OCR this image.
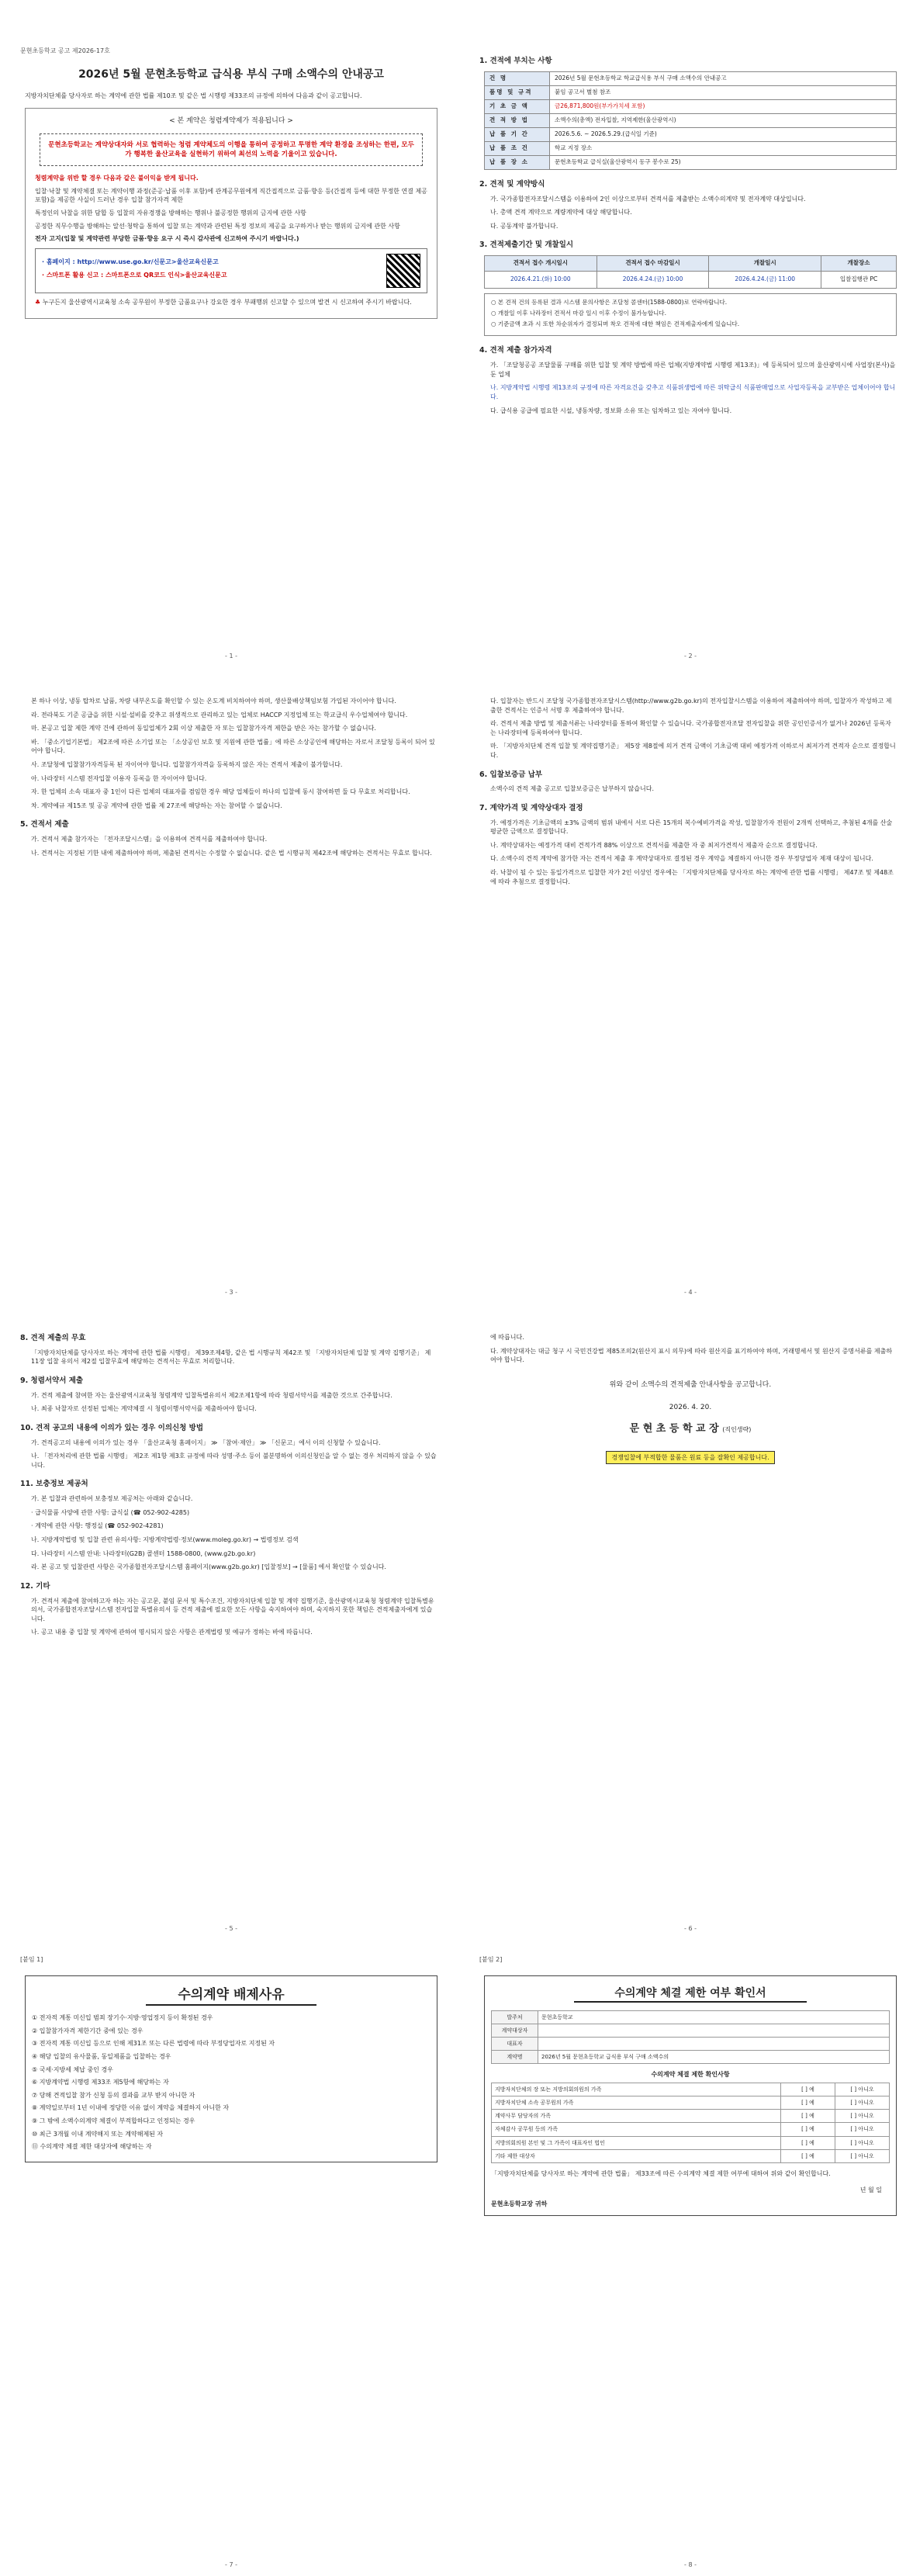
문현초등학교 공고 제2026-17호
2026년 5월 문현초등학교 급식용 부식 구매 소액수의 안내공고
지방자치단체를 당사자로 하는 계약에 관한 법률 제10조 및 같은 법 시행령 제33조의 규정에 의하여 다음과 같이 공고합니다.
< 본 계약은 청렴계약제가 적용됩니다 >
문현초등학교는 계약상대자와 서로 협력하는 청렴 계약체도의 이행을 통하여 공정하고 투명한 계약 환경을 조성하는 한편, 모두가 행복한 울산교육을 실현하기 위하여 최선의 노력을 기울이고 있습니다.
청렴계약을 위반 할 경우 다음과 같은 불이익을 받게 됩니다.
입찰·낙찰 및 계약체결 또는 계약이행 과정(준공·납품 이후 포함)에 관계공무원에게 직간접적으로 금품·향응 등(간접적 등에 대한 부정한 연결 제공 포함)을 제공한 사실이 드러난 경우 입찰 참가자격 제한
특정인의 낙찰을 위한 담합 등 입찰의 자유경쟁을 방해하는 행위나 불공정한 행위의 금지에 관한 사항
공정한 직무수행을 방해하는 알선·청탁을 통하여 입찰 또는 계약과 관련된 특정 정보의 제공을 요구하거나 받는 행위의 금지에 관한 사항
전자 고지(입찰 및 계약관련 부당한 금품·향응 요구 시 즉시 감사관에 신고하여 주시기 바랍니다.)
· 홈페이지 : http://www.use.go.kr/신문고>울산교육신문고
· 스마트폰 활용 신고 : 스마트폰으로 QR코드 인식>울산교육신문고
♣ 누구든지 울산광역시교육청 소속 공무원이 부정한 금품요구나 강요한 경우 부패행위 신고할 수 있으며 발견 시 신고하여 주시기 바랍니다.
- 1 -
1. 견적에 부치는 사항
건 명	2026년 5월 문현초등학교 학교급식용 부식 구매 소액수의 안내공고
품명 및 규격	붙임 공고서 별첨 참조
기 초 금 액	금26,871,800원(부가가치세 포함)
견 적 방 법	소액수의(총액) 전자입찰, 지역제한(울산광역시)
납 품 기 간	2026.5.6. ~ 2026.5.29.(급식일 기준)
납 품 조 건	학교 지정 장소
납 품 장 소	문현초등학교 급식실(울산광역시 동구 봉수로 25)
2. 견적 및 계약방식
가. 국가종합전자조달시스템을 이용하여 2인 이상으로부터 견적서를 제출받는 소액수의계약 및 전자계약 대상입니다.
나. 총액 견적 계약으로 계량계약에 대상 해당합니다.
다. 공동계약 불가합니다.
3. 견적제출기간 및 개찰일시
견적서 접수 개시일시	견적서 접수 마감일시	개찰일시	개찰장소
2026.4.21.(화) 10:00	2026.4.24.(금) 10:00	2026.4.24.(금) 11:00	입찰집행관 PC
○ 본 견적 건의 등록된 결과 시스템 문의사항은 조달청 콜센터(1588-0800)로 연락바랍니다.
○ 개찰일 이후 나라장터 견적서 마감 일시 이후 수정이 불가능합니다.
○ 기준금액 초과 시 또한 차순위자가 결정되며 착오 견적에 대한 책임은 견적제출자에게 있습니다.
4. 견적 제출 참가자격
가. 「조달청공공 조달물품 구매를 위한 입찰 및 계약 방법에 따른 업체(지방계약법 시행령 제13조)」에 등록되어 있으며 울산광역시에 사업장(본사)을 둔 업체
나. 지방계약법 시행령 제13조의 규정에 따른 자격요건을 갖추고 식품위생법에 따른 위탁급식 식품판매업으로 사업자등록을 교부받은 업체이어야 합니다.
다. 급식용 공급에 필요한 시설, 냉동차량, 정보화 소유 또는 임차하고 있는 자여야 합니다.
- 2 -
본 하나 이상, 냉동 탑차로 납품, 차량 내부온도를 확인할 수 있는 온도계 비치하여야 하며, 생산물배상책임보험 가입된 자이어야 합니다.
라. 전라북도 기준 공급을 위한 시설·설비를 갖추고 위생적으로 관리하고 있는 업체로 HACCP 지정업체 또는 학교급식 우수업체여야 합니다.
마. 본공고 입찰 제한 계약 건에 관하여 동일업체가 2회 이상 제출한 자 또는 입찰참가자격 제한을 받은 자는 참가할 수 없습니다.
바. 「중소기업기본법」 제2조에 따른 소기업 또는 「소상공인 보호 및 지원에 관한 법률」에 따른 소상공인에 해당하는 자로서 조달청 등록이 되어 있어야 합니다.
사. 조달청에 입찰참가자격등록 된 자이어야 합니다. 입찰참가자격을 등록하지 않은 자는 견적서 제출이 불가합니다.
아. 나라장터 시스템 전자입찰 이용자 등록을 한 자이어야 합니다.
자. 한 업체의 소속 대표자 중 1인이 다른 업체의 대표자를 겸임한 경우 해당 업체들이 하나의 입찰에 동시 참여하면 둘 다 무효로 처리합니다.
차. 계약예규 제15조 및 공공 계약에 관한 법률 제 27조에 해당하는 자는 참여할 수 없습니다.
5. 견적서 제출
가. 견적서 제출 참가자는 「전자조달시스템」을 이용하여 견적서를 제출하여야 합니다.
나. 견적서는 지정된 기한 내에 제출하여야 하며, 제출된 견적서는 수정할 수 없습니다. 같은 법 시행규칙 제42조에 해당하는 견적서는 무효로 합니다.
- 3 -
다. 입찰자는 반드시 조달청 국가종합전자조달시스템(http://www.g2b.go.kr)의 전자입찰시스템을 이용하여 제출하여야 하며, 입찰자가 작성하고 제출한 견적서는 인증서 서명 후 제출하여야 합니다.
라. 견적서 제출 방법 및 제출서류는 나라장터를 통하여 확인할 수 있습니다. 국가종합전자조달 전자입찰을 위한 공인인증서가 없거나 2026년 등록자는 나라장터에 등록하여야 합니다.
마. 「지방자치단체 견적 입찰 및 계약집행기준」 제5장 제8절에 의거 견적 금액이 기초금액 대비 예정가격 이하로서 최저가격 견적자 순으로 결정합니다.
6. 입찰보증금 납부
소액수의 견적 제출 공고로 입찰보증금은 납부하지 않습니다.
7. 계약가격 및 계약상대자 결정
가. 예정가격은 기초금액의 ±3% 금액의 범위 내에서 서로 다른 15개의 복수예비가격을 작성, 입찰참가자 전원이 2개씩 선택하고, 추첨된 4개를 산술평균한 금액으로 결정합니다.
나. 계약상대자는 예정가격 대비 견적가격 88% 이상으로 견적서를 제출한 자 중 최저가견적서 제출자 순으로 결정합니다.
다. 소액수의 견적 계약에 참가한 자는 견적서 제출 후 계약상대자로 결정된 경우 계약을 체결하지 아니한 경우 부정당업자 제재 대상이 됩니다.
라. 낙찰이 될 수 있는 동일가격으로 입찰한 자가 2인 이상인 경우에는 「지방자치단체를 당사자로 하는 계약에 관한 법률 시행령」 제47조 및 제48조에 따라 추첨으로 결정합니다.
- 4 -
8. 견적 제출의 무효
「지방자치단체를 당사자로 하는 계약에 관한 법률 시행령」 제39조제4항, 같은 법 시행규칙 제42조 및 「지방자치단체 입찰 및 계약 집행기준」 제11장 입찰 유의서 제2절 입찰무효에 해당하는 견적서는 무효로 처리합니다.
9. 청렴서약서 제출
가. 견적 제출에 참여한 자는 울산광역시교육청 청렴계약 입찰특별유의서 제2조제1항에 따라 청렴서약서를 제출한 것으로 간주합니다.
나. 최종 낙찰자로 선정된 업체는 계약체결 시 청렴이행서약서를 제출하여야 합니다.
10. 견적 공고의 내용에 이의가 있는 경우 이의신청 방법
가. 견적공고의 내용에 이의가 있는 경우 「울산교육청 홈페이지」 ≫ 「참여·제안」 ≫ 「신문고」에서 이의 신청할 수 있습니다.
나. 「전자처리에 관한 법률 시행령」 제2조 제1항 제3호 규정에 따라 성명·주소 등이 불분명하여 이의신청인을 알 수 없는 경우 처리하지 않을 수 있습니다.
11. 보충정보 제공처
가. 본 입찰과 관련하여 보충정보 제공처는 아래와 같습니다.
· 급식물품 사양에 관한 사항: 급식실 (☎ 052-902-4285)
· 계약에 관한 사항: 행정실 (☎ 052-902-4281)
나. 지방계약법령 및 입찰 관련 유의사항: 지방계약법령·정보(www.moleg.go.kr) → 법령정보 검색
다. 나라장터 시스템 안내: 나라장터(G2B) 콜센터 1588-0800, (www.g2b.go.kr)
라. 본 공고 및 입찰관련 사항은 국가종합전자조달시스템 홈페이지(www.g2b.go.kr) [입찰정보] → [물품] 에서 확인할 수 있습니다.
12. 기타
가. 견적서 제출에 참여하고자 하는 자는 공고문, 붙임 문서 및 특수조건, 지방자치단체 입찰 및 계약 집행기준, 울산광역시교육청 청렴계약 입찰특별유의서, 국가종합전자조달시스템 전자입찰 특별유의서 등 견적 제출에 필요한 모든 사항을 숙지하여야 하며, 숙지하지 못한 책임은 견적제출자에게 있습니다.
나. 공고 내용 중 입찰 및 계약에 관하여 명시되지 않은 사항은 관계법령 및 예규가 정하는 바에 따릅니다.
- 5 -
에 따릅니다.
다. 계약상대자는 대금 청구 시 국민건강법 제85조의2(원산지 표시 의무)에 따라 원산지를 표기하여야 하며, 거래명세서 및 원산지 증명서류를 제출하여야 합니다.
위와 같이 소액수의 견적제출 안내사항을 공고합니다.
2026. 4. 20.
문 현 초 등 학 교 장 (직인생략)
경쟁입찰에 부적합한 물품은 원료 등을 잘확인 제공합니다.
- 6 -
[붙임 1]
수의계약 배제사유
① 전자적 계통 미신입 범죄 장기수·지방·영업정지 등이 확정된 경우
② 입찰참가자격 제한기간 중에 있는 경우
③ 전자적 계통 미신입 등으로 인해 제31조 또는 다른 법령에 따라 부정당업자로 지정된 자
④ 해당 입찰의 유사물품, 동일제품을 입찰하는 경우
⑤ 국세·지방세 체납 중인 경우
⑥ 지방계약법 시행령 제33조 제5항에 해당하는 자
⑦ 당해 견적입찰 참가 신청 등의 결과를 교부 받지 아니한 자
⑧ 계약일로부터 1년 이내에 정당한 이유 없이 계약을 체결하지 아니한 자
⑨ 그 밖에 소액수의계약 체결이 부적합하다고 인정되는 경우
⑩ 최근 3개월 이내 계약해지 또는 계약해제된 자
⑪ 수의계약 체결 제한 대상자에 해당하는 자
- 7 -
[붙임 2]
수의계약 체결 제한 여부 확인서
발주처	문현초등학교
계약대상자	
대표자	
계약명	2026년 5월 문현초등학교 급식용 부식 구매 소액수의
수의계약 체결 제한 확인사항
지방자치단체의 장 또는 지방의회의원의 가족	[ ] 예	[ ] 아니오
지방자치단체 소속 공무원의 가족	[ ] 예	[ ] 아니오
계약사무 담당자의 가족	[ ] 예	[ ] 아니오
자체감사 공무원 등의 가족	[ ] 예	[ ] 아니오
지방의회의원 본인 및 그 가족이 대표자인 법인	[ ] 예	[ ] 아니오
기타 제한 대상자	[ ] 예	[ ] 아니오
「지방자치단체를 당사자로 하는 계약에 관한 법률」 제33조에 따른 수의계약 체결 제한 여부에 대하여 위와 같이 확인합니다.
년 월 일
문현초등학교장 귀하
- 8 -
